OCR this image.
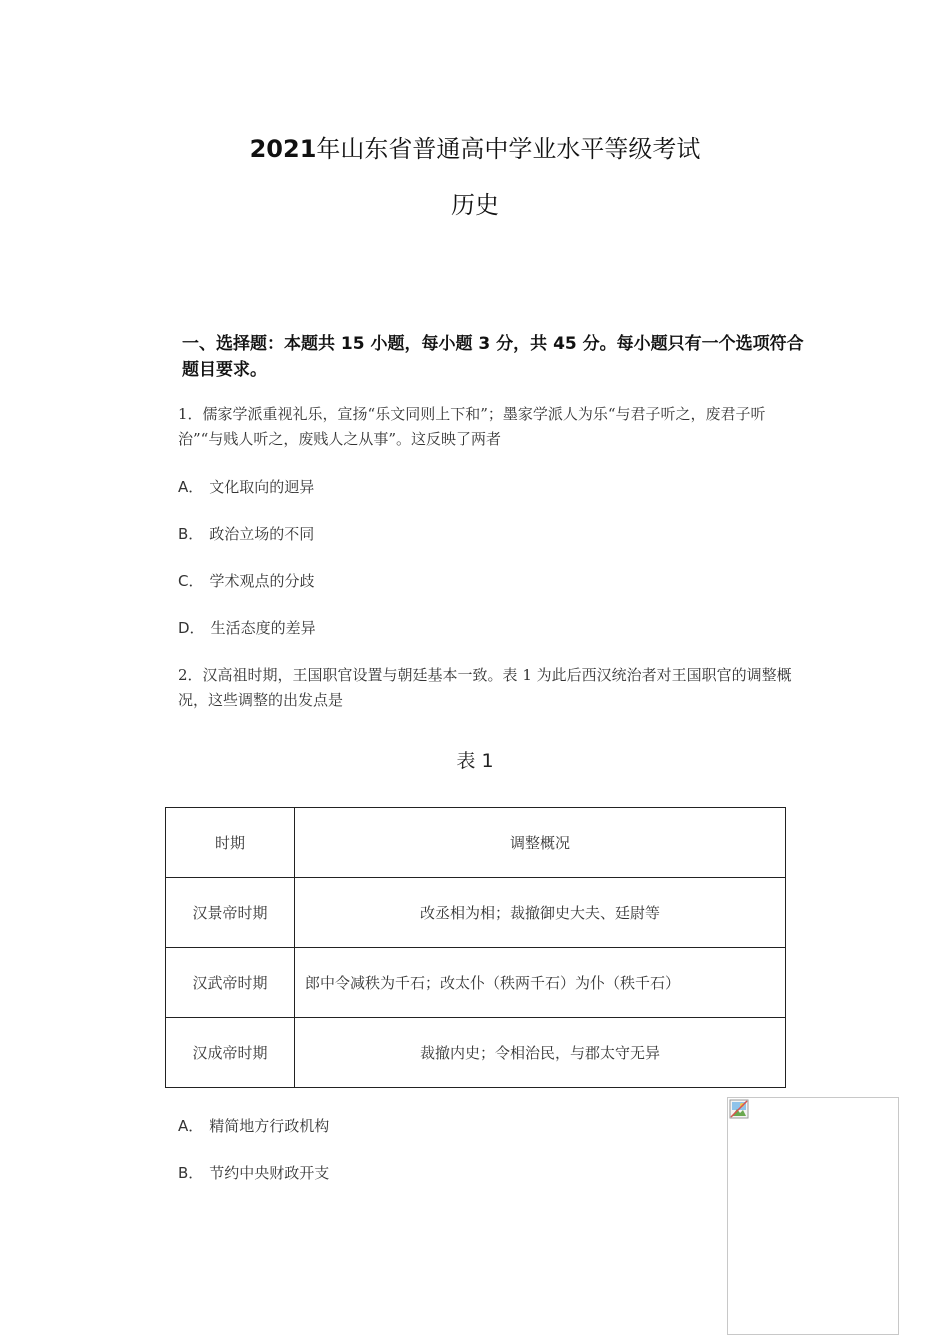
2021年山东省普通高中学业水平等级考试
历史
一、选择题：本题共 15 小题，每小题 3 分，共 45 分。每小题只有一个选项符合题目要求。
1．儒家学派重视礼乐，宣扬“乐文同则上下和”；墨家学派人为乐“与君子听之，废君子听治”“与贱人听之，废贱人之从事”。这反映了两者
A． 文化取向的迥异
B． 政治立场的不同
C． 学术观点的分歧
D． 生活态度的差异
2．汉高祖时期，王国职官设置与朝廷基本一致。表 1 为此后西汉统治者对王国职官的调整概况，这些调整的出发点是
表 1
时期	调整概况
汉景帝时期	改丞相为相；裁撤御史大夫、廷尉等
汉武帝时期	郎中令减秩为千石；改太仆（秩两千石）为仆（秩千石）
汉成帝时期	裁撤内史；令相治民，与郡太守无异
A． 精简地方行政机构
B． 节约中央财政开支
